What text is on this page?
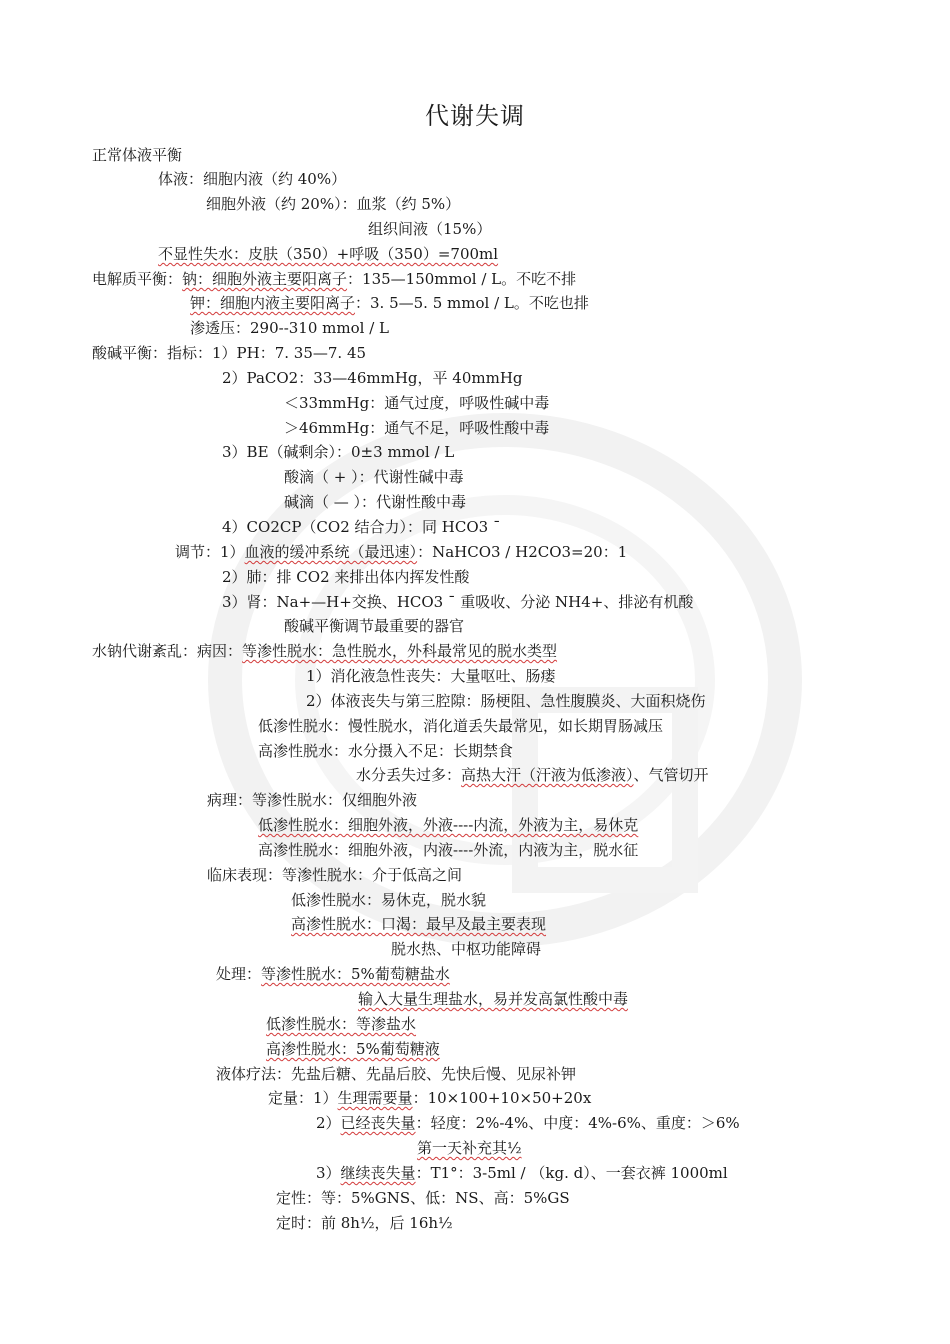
代谢失调
正常体液平衡
体液：细胞内液（约 40%）
细胞外液（约 20%）：血浆（约 5%）
组织间液（15%）
不显性失水：皮肤（350）+呼吸（350）=700ml
电解质平衡：钠：细胞外液主要阳离子：135—150mmol / L。不吃不排
钾：细胞内液主要阳离子：3. 5—5. 5 mmol / L。不吃也排
渗透压：290--310 mmol / L
酸碱平衡：指标：1）PH：7. 35—7. 45
2）PaCO2：33—46mmHg，平 40mmHg
＜33mmHg：通气过度，呼吸性碱中毒
＞46mmHg：通气不足，呼吸性酸中毒
3）BE（碱剩余）：0±3 mmol / L
酸滴（ + ）：代谢性碱中毒
碱滴（ — ）：代谢性酸中毒
4）CO2CP（CO2 结合力）：同 HCO3 ¯
调节：1）血液的缓冲系统（最迅速）：NaHCO3 / H2CO3=20：1
2）肺：排 CO2 来排出体内挥发性酸
3）肾：Na+—H+交换、HCO3 ¯ 重吸收、分泌 NH4+、排泌有机酸
酸碱平衡调节最重要的器官
水钠代谢紊乱：病因：等渗性脱水：急性脱水，外科最常见的脱水类型
1）消化液急性丧失：大量呕吐、肠瘘
2）体液丧失与第三腔隙：肠梗阻、急性腹膜炎、大面积烧伤
低渗性脱水：慢性脱水，消化道丢失最常见，如长期胃肠减压
高渗性脱水：水分摄入不足：长期禁食
水分丢失过多：高热大汗（汗液为低渗液）、气管切开
病理：等渗性脱水：仅细胞外液
低渗性脱水：细胞外液，外液----内流，外液为主，易休克
高渗性脱水：细胞外液，内液----外流，内液为主，脱水征
临床表现：等渗性脱水：介于低高之间
低渗性脱水：易休克，脱水貌
高渗性脱水：口渴：最早及最主要表现
脱水热、中枢功能障碍
处理：等渗性脱水：5%葡萄糖盐水
输入大量生理盐水，易并发高氯性酸中毒
低渗性脱水：等渗盐水
高渗性脱水：5%葡萄糖液
液体疗法：先盐后糖、先晶后胶、先快后慢、见尿补钾
定量：1）生理需要量：10×100+10×50+20x
2）已经丧失量：轻度：2%-4%、中度：4%-6%、重度：＞6%
第一天补充其½
3）继续丧失量：T1°：3-5ml / （kg. d）、一套衣裤 1000ml
定性：等：5%GNS、低：NS、高：5%GS
定时：前 8h½，后 16h½
